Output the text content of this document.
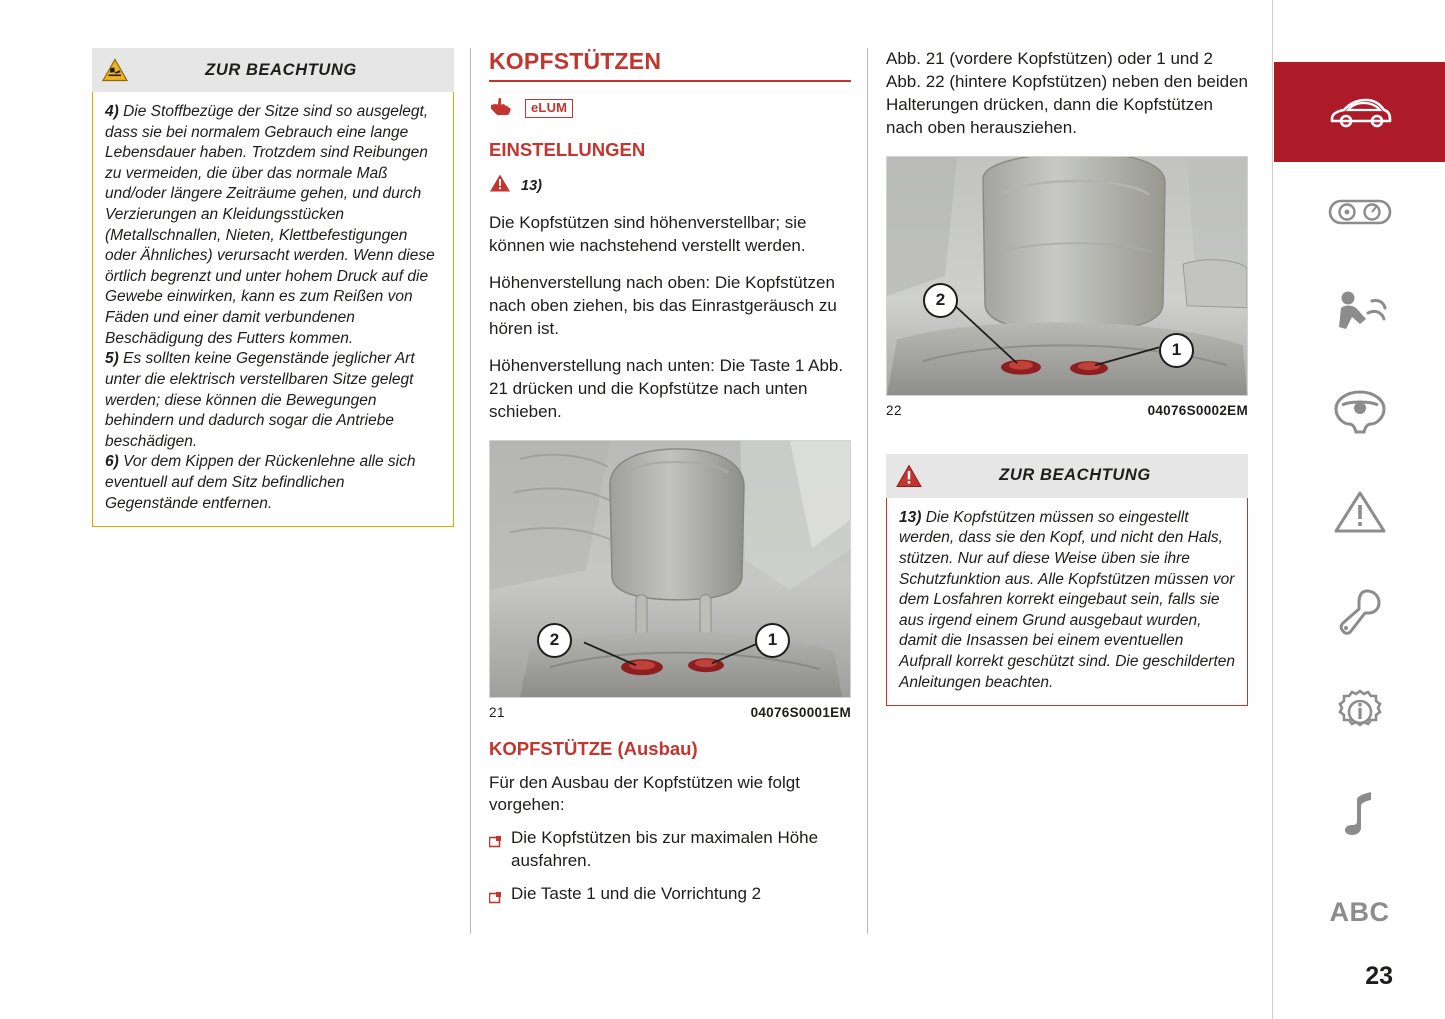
ZUR BEACHTUNG

4) Die Stoffbezüge der Sitze sind so ausgelegt, dass sie bei normalem Gebrauch eine lange Lebensdauer haben. Trotzdem sind Reibungen zu vermeiden, die über das normale Maß und/oder längere Zeiträume gehen, und durch Verzierungen an Kleidungsstücken (Metallschnallen, Nieten, Klettbefestigungen oder Ähnliches) verursacht werden. Wenn diese örtlich begrenzt und unter hohem Druck auf die Gewebe einwirken, kann es zum Reißen von Fäden und einer damit verbundenen Beschädigung des Futters kommen.

5) Es sollten keine Gegenstände jeglicher Art unter die elektrisch verstellbaren Sitze gelegt werden; diese können die Bewegungen behindern und dadurch sogar die Antriebe beschädigen.

6) Vor dem Kippen der Rückenlehne alle sich eventuell auf dem Sitz befindlichen Gegenstände entfernen.

KOPFSTÜTZEN
eLUM
EINSTELLUNGEN
13)

Die Kopfstützen sind höhenverstellbar; sie können wie nachstehend verstellt werden.

Höhenverstellung nach oben: Die Kopfstützen nach oben ziehen, bis das Einrastgeräusch zu hören ist.

Höhenverstellung nach unten: Die Taste 1 Abb. 21 drücken und die Kopfstütze nach unten schieben.

2	1
21	04076S0001EM
KOPFSTÜTZE (Ausbau)

Für den Ausbau der Kopfstützen wie folgt vorgehen:

Die Kopfstützen bis zur maximalen Höhe ausfahren.
Die Taste 1 und die Vorrichtung 2

Abb. 21 (vordere Kopfstützen) oder 1 und 2 Abb. 22 (hintere Kopfstützen) neben den beiden Halterungen drücken, dann die Kopfstützen nach oben herausziehen.

2
1
22	04076S0002EM
ZUR BEACHTUNG

13) Die Kopfstützen müssen so eingestellt werden, dass sie den Kopf, und nicht den Hals, stützen. Nur auf diese Weise üben sie ihre Schutzfunktion aus. Alle Kopfstützen müssen vor dem Losfahren korrekt eingebaut sein, falls sie aus irgend einem Grund ausgebaut wurden, damit die Insassen bei einem eventuellen Aufprall korrekt geschützt sind. Die geschilderten Anleitungen beachten.

ABC
23
